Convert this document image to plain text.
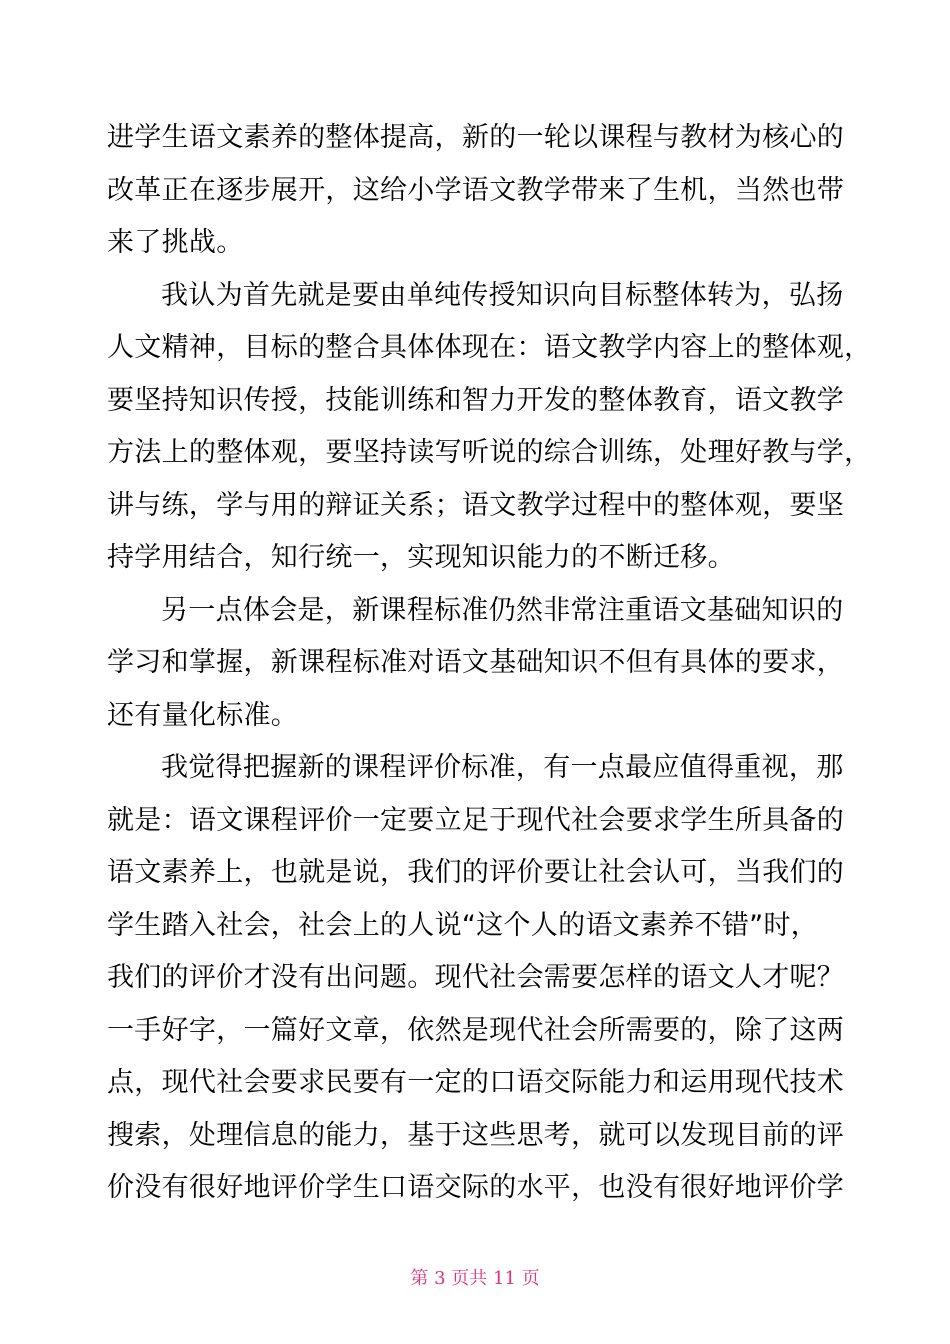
进学生语文素养的整体提高，新的一轮以课程与教材为核心的
改革正在逐步展开，这给小学语文教学带来了生机，当然也带
来了挑战。
我认为首先就是要由单纯传授知识向目标整体转为，弘扬
人文精神，目标的整合具体体现在：语文教学内容上的整体观，
要坚持知识传授，技能训练和智力开发的整体教育，语文教学
方法上的整体观，要坚持读写听说的综合训练，处理好教与学，
讲与练，学与用的辩证关系；语文教学过程中的整体观，要坚
持学用结合，知行统一，实现知识能力的不断迁移。
另一点体会是，新课程标准仍然非常注重语文基础知识的
学习和掌握，新课程标准对语文基础知识不但有具体的要求，
还有量化标准。
我觉得把握新的课程评价标准，有一点最应值得重视，那
就是：语文课程评价一定要立足于现代社会要求学生所具备的
语文素养上，也就是说，我们的评价要让社会认可，当我们的
学生踏入社会，社会上的人说“这个人的语文素养不错”时，
我们的评价才没有出问题。现代社会需要怎样的语文人才呢？
一手好字，一篇好文章，依然是现代社会所需要的，除了这两
点，现代社会要求民要有一定的口语交际能力和运用现代技术
搜索，处理信息的能力，基于这些思考，就可以发现目前的评
价没有很好地评价学生口语交际的水平，也没有很好地评价学
第 3 页共 11 页
